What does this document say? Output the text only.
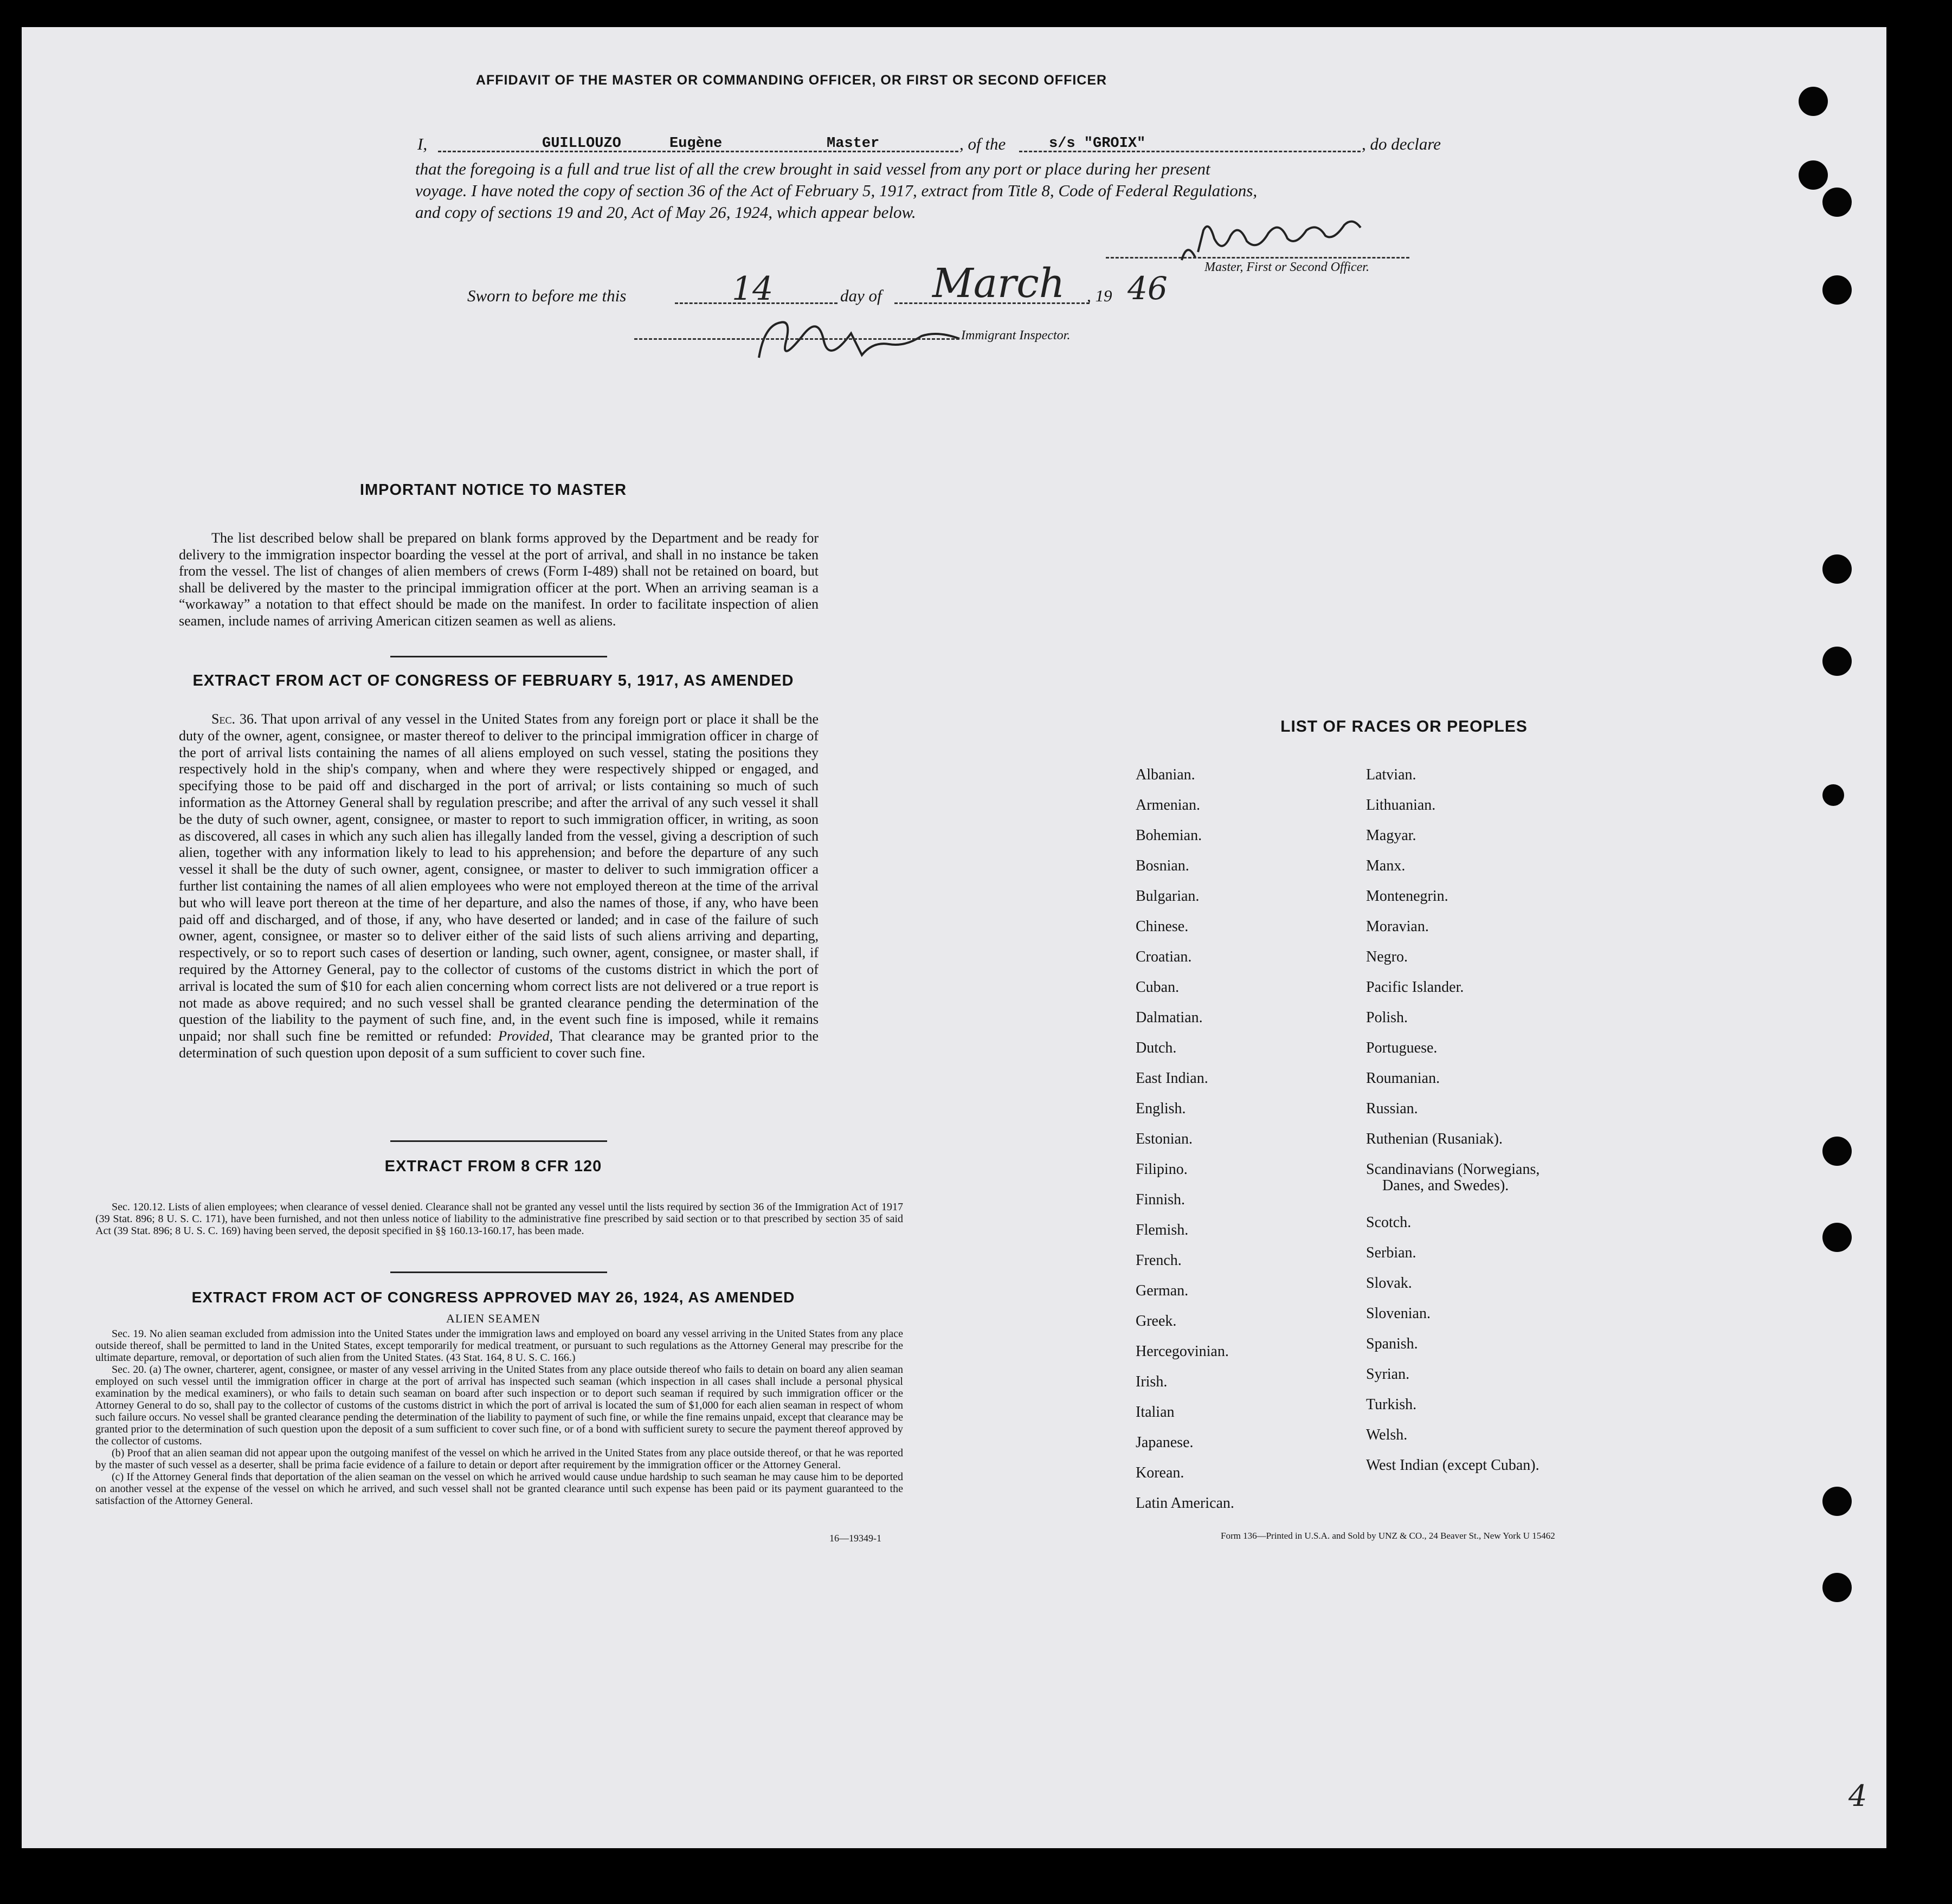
AFFIDAVIT OF THE MASTER OR COMMANDING OFFICER, OR FIRST OR SECOND OFFICER
I,	GUILLOUZO	Eugène	Master	, of the	s/s "GROIX"	, do declare
that the foregoing is a full and true list of all the crew brought in said vessel from any port or place during her present
voyage. I have noted the copy of section 36 of the Act of February 5, 1917, extract from Title 8, Code of Federal Regulations,
and copy of sections 19 and 20, Act of May 26, 1924, which appear below.
Master, First or Second Officer.
Sworn to before me this	14	day of March , 19 46
Immigrant Inspector.
IMPORTANT NOTICE TO MASTER
The list described below shall be prepared on blank forms approved by the Department and be ready for delivery to the immigration inspector boarding the vessel at the port of arrival, and shall in no instance be taken from the vessel. The list of changes of alien members of crews (Form I-489) shall not be retained on board, but shall be delivered by the master to the principal immigration officer at the port. When an arriving seaman is a “workaway” a notation to that effect should be made on the manifest. In order to facilitate inspection of alien seamen, include names of arriving American citizen seamen as well as aliens.
EXTRACT FROM ACT OF CONGRESS OF FEBRUARY 5, 1917, AS AMENDED
Sec. 36. That upon arrival of any vessel in the United States from any foreign port or place it shall be the duty of the owner, agent, consignee, or master thereof to deliver to the principal immigration officer in charge of the port of arrival lists containing the names of all aliens employed on such vessel, stating the positions they respectively hold in the ship's company, when and where they were respectively shipped or engaged, and specifying those to be paid off and discharged in the port of arrival; or lists containing so much of such information as the Attorney General shall by regulation prescribe; and after the arrival of any such vessel it shall be the duty of such owner, agent, consignee, or master to report to such immigration officer, in writing, as soon as discovered, all cases in which any such alien has illegally landed from the vessel, giving a description of such alien, together with any information likely to lead to his apprehension; and before the departure of any such vessel it shall be the duty of such owner, agent, consignee, or master to deliver to such immigration officer a further list containing the names of all alien employees who were not employed thereon at the time of the arrival but who will leave port thereon at the time of her departure, and also the names of those, if any, who have been paid off and discharged, and of those, if any, who have deserted or landed; and in case of the failure of such owner, agent, consignee, or master so to deliver either of the said lists of such aliens arriving and departing, respectively, or so to report such cases of desertion or landing, such owner, agent, consignee, or master shall, if required by the Attorney General, pay to the collector of customs of the customs district in which the port of arrival is located the sum of $10 for each alien concerning whom correct lists are not delivered or a true report is not made as above required; and no such vessel shall be granted clearance pending the determination of the question of the liability to the payment of such fine, and, in the event such fine is imposed, while it remains unpaid; nor shall such fine be remitted or refunded: Provided, That clearance may be granted prior to the determination of such question upon deposit of a sum sufficient to cover such fine.
EXTRACT FROM 8 CFR 120
Sec. 120.12. Lists of alien employees; when clearance of vessel denied. Clearance shall not be granted any vessel until the lists required by section 36 of the Immigration Act of 1917 (39 Stat. 896; 8 U. S. C. 171), have been furnished, and not then unless notice of liability to the administrative fine prescribed by said section or to that prescribed by section 35 of said Act (39 Stat. 896; 8 U. S. C. 169) having been served, the deposit specified in §§ 160.13-160.17, has been made.
EXTRACT FROM ACT OF CONGRESS APPROVED MAY 26, 1924, AS AMENDED
ALIEN SEAMEN
Sec. 19. No alien seaman excluded from admission into the United States under the immigration laws and employed on board any vessel arriving in the United States from any place outside thereof, shall be permitted to land in the United States, except temporarily for medical treatment, or pursuant to such regulations as the Attorney General may prescribe for the ultimate departure, removal, or deportation of such alien from the United States. (43 Stat. 164, 8 U. S. C. 166.)
Sec. 20. (a) The owner, charterer, agent, consignee, or master of any vessel arriving in the United States from any place outside thereof who fails to detain on board any alien seaman employed on such vessel until the immigration officer in charge at the port of arrival has inspected such seaman (which inspection in all cases shall include a personal physical examination by the medical examiners), or who fails to detain such seaman on board after such inspection or to deport such seaman if required by such immigration officer or the Attorney General to do so, shall pay to the collector of customs of the customs district in which the port of arrival is located the sum of $1,000 for each alien seaman in respect of whom such failure occurs. No vessel shall be granted clearance pending the determination of the liability to payment of such fine, or while the fine remains unpaid, except that clearance may be granted prior to the determination of such question upon the deposit of a sum sufficient to cover such fine, or of a bond with sufficient surety to secure the payment thereof approved by the collector of customs.
(b) Proof that an alien seaman did not appear upon the outgoing manifest of the vessel on which he arrived in the United States from any place outside thereof, or that he was reported by the master of such vessel as a deserter, shall be prima facie evidence of a failure to detain or deport after requirement by the immigration officer or the Attorney General.
(c) If the Attorney General finds that deportation of the alien seaman on the vessel on which he arrived would cause undue hardship to such seaman he may cause him to be deported on another vessel at the expense of the vessel on which he arrived, and such vessel shall not be granted clearance until such expense has been paid or its payment guaranteed to the satisfaction of the Attorney General.
16—19349-1
LIST OF RACES OR PEOPLES
Albanian.
Armenian.
Bohemian.
Bosnian.
Bulgarian.
Chinese.
Croatian.
Cuban.
Dalmatian.
Dutch.
East Indian.
English.
Estonian.
Filipino.
Finnish.
Flemish.
French.
German.
Greek.
Hercegovinian.
Irish.
Italian
Japanese.
Korean.
Latin American.
Latvian.
Lithuanian.
Magyar.
Manx.
Montenegrin.
Moravian.
Negro.
Pacific Islander.
Polish.
Portuguese.
Roumanian.
Russian.
Ruthenian (Rusaniak).
Scandinavians (Norwegians,
Danes, and Swedes).
Scotch.
Serbian.
Slovak.
Slovenian.
Spanish.
Syrian.
Turkish.
Welsh.
West Indian (except Cuban).
Form 136—Printed in U.S.A. and Sold by UNZ & CO., 24 Beaver St., New York U 15462
4
